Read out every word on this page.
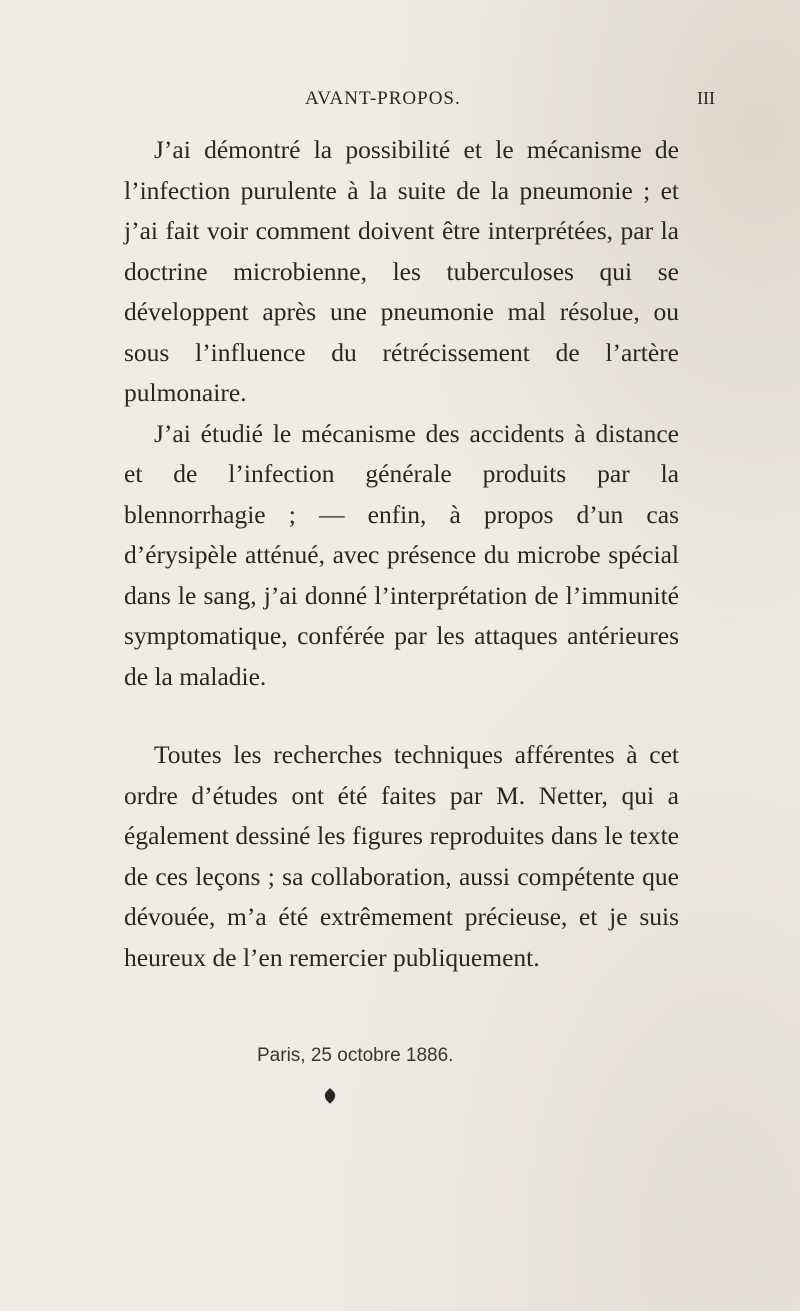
AVANT-PROPOS.	III

J’ai démontré la possibilité et le mécanisme de l’infection purulente à la suite de la pneumonie ; et j’ai fait voir comment doivent être interprétées, par la doctrine microbienne, les tuberculoses qui se développent après une pneumonie mal résolue, ou sous l’influence du rétrécissement de l’artère pulmonaire.

J’ai étudié le mécanisme des accidents à distance et de l’infection générale produits par la blennorrhagie ; — enfin, à propos d’un cas d’érysipèle atténué, avec présence du microbe spécial dans le sang, j’ai donné l’interprétation de l’immunité symptomatique, conférée par les attaques antérieures de la maladie.

Toutes les recherches techniques afférentes à cet ordre d’études ont été faites par M. Netter, qui a également dessiné les figures reproduites dans le texte de ces leçons ; sa collaboration, aussi compétente que dévouée, m’a été extrêmement précieuse, et je suis heureux de l’en remercier publiquement.

Paris, 25 octobre 1886.
